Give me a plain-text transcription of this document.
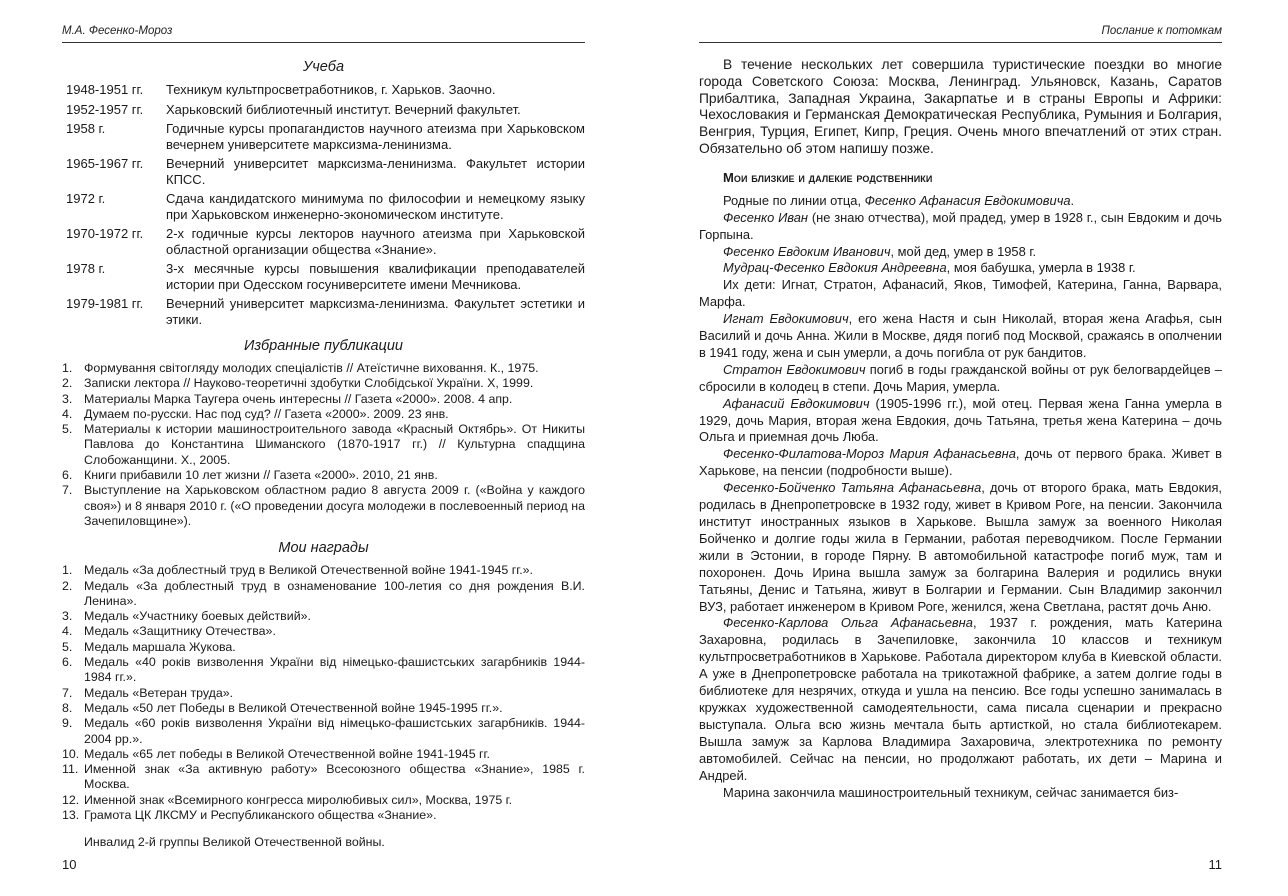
М.А. Фесенко-Мороз
Учеба
1948-1951 гг.	Техникум культпросветработников, г. Харьков. Заочно.
1952-1957 гг.	Харьковский библиотечный институт. Вечерний факультет.
1958 г.	Годичные курсы пропагандистов научного атеизма при Харьковском вечернем университете марксизма-ленинизма.
1965-1967 гг.	Вечерний университет марксизма-ленинизма. Факультет истории КПСС.
1972 г.	Сдача кандидатского минимума по философии и немецкому языку при Харьковском инженерно-экономическом институте.
1970-1972 гг.	2-х годичные курсы лекторов научного атеизма при Харьковской областной организации общества «Знание».
1978 г.	3-х месячные курсы повышения квалификации преподавателей истории при Одесском госуниверситете имени Мечникова.
1979-1981 гг.	Вечерний университет марксизма-ленинизма. Факультет эстетики и этики.
Избранные публикации
1. Формування світогляду молодих спеціалістів // Атеїстичне виховання. К., 1975.
2. Записки лектора // Науково-теоретичні здобутки Слобідської України. Х, 1999.
3. Материалы Марка Таугера очень интересны // Газета «2000». 2008. 4 апр.
4. Думаем по-русски. Нас под суд? // Газета «2000». 2009. 23 янв.
5. Материалы к истории машиностроительного завода «Красный Октябрь». От Никиты Павлова до Константина Шиманского (1870-1917 гг.) // Культурна спадщина Слобожанщини. Х., 2005.
6. Книги прибавили 10 лет жизни // Газета «2000». 2010, 21 янв.
7. Выступление на Харьковском областном радио 8 августа 2009 г. («Война у каждого своя») и 8 января 2010 г. («О проведении досуга молодежи в послевоенный период на Зачепиловщине»).
Мои награды
1. Медаль «За доблестный труд в Великой Отечественной войне 1941-1945 гг.».
2. Медаль «За доблестный труд в ознаменование 100-летия со дня рождения В.И. Ленина».
3. Медаль «Участнику боевых действий».
4. Медаль «Защитнику Отечества».
5. Медаль маршала Жукова.
6. Медаль «40 років визволення України від німецько-фашистських загарбників 1944-1984 гг.».
7. Медаль «Ветеран труда».
8. Медаль «50 лет Победы в Великой Отечественной войне 1945-1995 гг.».
9. Медаль «60 років визволення України від німецько-фашистських загарбників. 1944-2004 рр.».
10. Медаль «65 лет победы в Великой Отечественной войне 1941-1945 гг.
11. Именной знак «За активную работу» Всесоюзного общества «Знание», 1985 г. Москва.
12. Именной знак «Всемирного конгресса миролюбивых сил», Москва, 1975 г.
13. Грамота ЦК ЛКСМУ и Республиканского общества «Знание».
Инвалид 2-й группы Великой Отечественной войны.
10
Послание к потомкам

В течение нескольких лет совершила туристические поездки во многие города Советского Союза: Москва, Ленинград. Ульяновск, Казань, Саратов Прибалтика, Западная Украина, Закарпатье и в страны Европы и Африки: Чехословакия и Германская Демократическая Республика, Румыния и Болгария, Венгрия, Турция, Египет, Кипр, Греция. Очень много впечатлений от этих стран. Обязательно об этом напишу позже.

Мои близкие и далекие родственники

Родные по линии отца, Фесенко Афанасия Евдокимовича.

Фесенко Иван (не знаю отчества), мой прадед, умер в 1928 г., сын Евдоким и дочь Горпына.

Фесенко Евдоким Иванович, мой дед, умер в 1958 г.

Мудрац-Фесенко Евдокия Андреевна, моя бабушка, умерла в 1938 г.

Их дети: Игнат, Стратон, Афанасий, Яков, Тимофей, Катерина, Ганна, Варвара, Марфа.

Игнат Евдокимович, его жена Настя и сын Николай, вторая жена Агафья, сын Василий и дочь Анна. Жили в Москве, дядя погиб под Москвой, сражаясь в ополчении в 1941 году, жена и сын умерли, а дочь погибла от рук бандитов.

Стратон Евдокимович погиб в годы гражданской войны от рук белогвардейцев – сбросили в колодец в степи. Дочь Мария, умерла.

Афанасий Евдокимович (1905-1996 гг.), мой отец. Первая жена Ганна умерла в 1929, дочь Мария, вторая жена Евдокия, дочь Татьяна, третья жена Катерина – дочь Ольга и приемная дочь Люба.

Фесенко-Филатова-Мороз Мария Афанасьевна, дочь от первого брака. Живет в Харькове, на пенсии (подробности выше).

Фесенко-Бойченко Татьяна Афанасьевна, дочь от второго брака, мать Евдокия, родилась в Днепропетровске в 1932 году, живет в Кривом Роге, на пенсии. Закончила институт иностранных языков в Харькове. Вышла замуж за военного Николая Бойченко и долгие годы жила в Германии, работая переводчиком. После Германии жили в Эстонии, в городе Пярну. В автомобильной катастрофе погиб муж, там и похоронен. Дочь Ирина вышла замуж за болгарина Валерия и родились внуки Татьяны, Денис и Татьяна, живут в Болгарии и Германии. Сын Владимир закончил ВУЗ, работает инженером в Кривом Роге, женился, жена Светлана, растят дочь Аню.

Фесенко-Карлова Ольга Афанасьевна, 1937 г. рождения, мать Катерина Захаровна, родилась в Зачепиловке, закончила 10 классов и техникум культпросветработников в Харькове. Работала директором клуба в Киевской области. А уже в Днепропетровске работала на трикотажной фабрике, а затем долгие годы в библиотеке для незрячих, откуда и ушла на пенсию. Все годы успешно занималась в кружках художественной самодеятельности, сама писала сценарии и прекрасно выступала. Ольга всю жизнь мечтала быть артисткой, но стала библиотекарем. Вышла замуж за Карлова Владимира Захаровича, электротехника по ремонту автомобилей. Сейчас на пенсии, но продолжают работать, их дети – Марина и Андрей.

Марина закончила машиностроительный техникум, сейчас занимается биз-

11
